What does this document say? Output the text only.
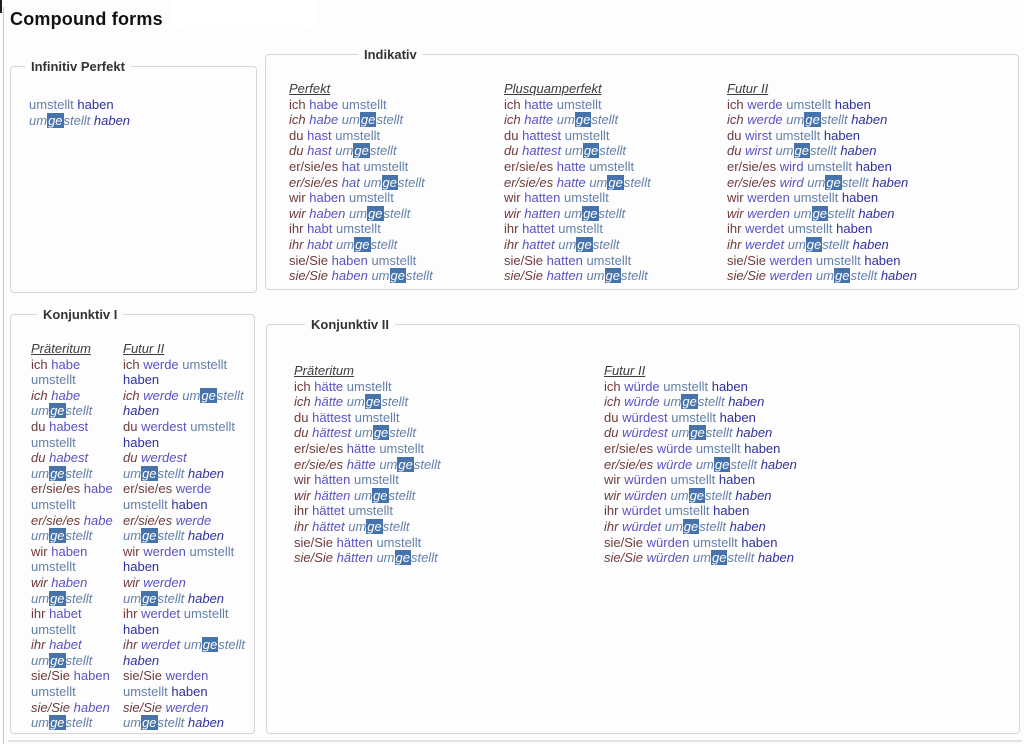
Compound forms
Infinitiv Perfekt
umstellt haben
umgestellt haben
Indikativ
Perfekt
ich habe umstellt
ich habe umgestellt
du hast umstellt
du hast umgestellt
er/sie/es hat umstellt
er/sie/es hat umgestellt
wir haben umstellt
wir haben umgestellt
ihr habt umstellt
ihr habt umgestellt
sie/Sie haben umstellt
sie/Sie haben umgestellt
Plusquamperfekt
ich hatte umstellt
ich hatte umgestellt
du hattest umstellt
du hattest umgestellt
er/sie/es hatte umstellt
er/sie/es hatte umgestellt
wir hatten umstellt
wir hatten umgestellt
ihr hattet umstellt
ihr hattet umgestellt
sie/Sie hatten umstellt
sie/Sie hatten umgestellt
Futur II
ich werde umstellt haben
ich werde umgestellt haben
du wirst umstellt haben
du wirst umgestellt haben
er/sie/es wird umstellt haben
er/sie/es wird umgestellt haben
wir werden umstellt haben
wir werden umgestellt haben
ihr werdet umstellt haben
ihr werdet umgestellt haben
sie/Sie werden umstellt haben
sie/Sie werden umgestellt haben
Konjunktiv I
Präteritum
ich habe umstellt
ich habe umgestellt
du habest umstellt
du habest umgestellt
er/sie/es habe umstellt
er/sie/es habe umgestellt
wir haben umstellt
wir haben umgestellt
ihr habet umstellt
ihr habet umgestellt
sie/Sie haben umstellt
sie/Sie haben umgestellt
Futur II
ich werde umstellt haben
ich werde umgestellt haben
du werdest umstellt haben
du werdest umgestellt haben
er/sie/es werde umstellt haben
er/sie/es werde umgestellt haben
wir werden umstellt haben
wir werden umgestellt haben
ihr werdet umstellt haben
ihr werdet umgestellt haben
sie/Sie werden umstellt haben
sie/Sie werden umgestellt haben
Konjunktiv II
Präteritum
ich hätte umstellt
ich hätte umgestellt
du hättest umstellt
du hättest umgestellt
er/sie/es hätte umstellt
er/sie/es hätte umgestellt
wir hätten umstellt
wir hätten umgestellt
ihr hättet umstellt
ihr hättet umgestellt
sie/Sie hätten umstellt
sie/Sie hätten umgestellt
Futur II
ich würde umstellt haben
ich würde umgestellt haben
du würdest umstellt haben
du würdest umgestellt haben
er/sie/es würde umstellt haben
er/sie/es würde umgestellt haben
wir würden umstellt haben
wir würden umgestellt haben
ihr würdet umstellt haben
ihr würdet umgestellt haben
sie/Sie würden umstellt haben
sie/Sie würden umgestellt haben
